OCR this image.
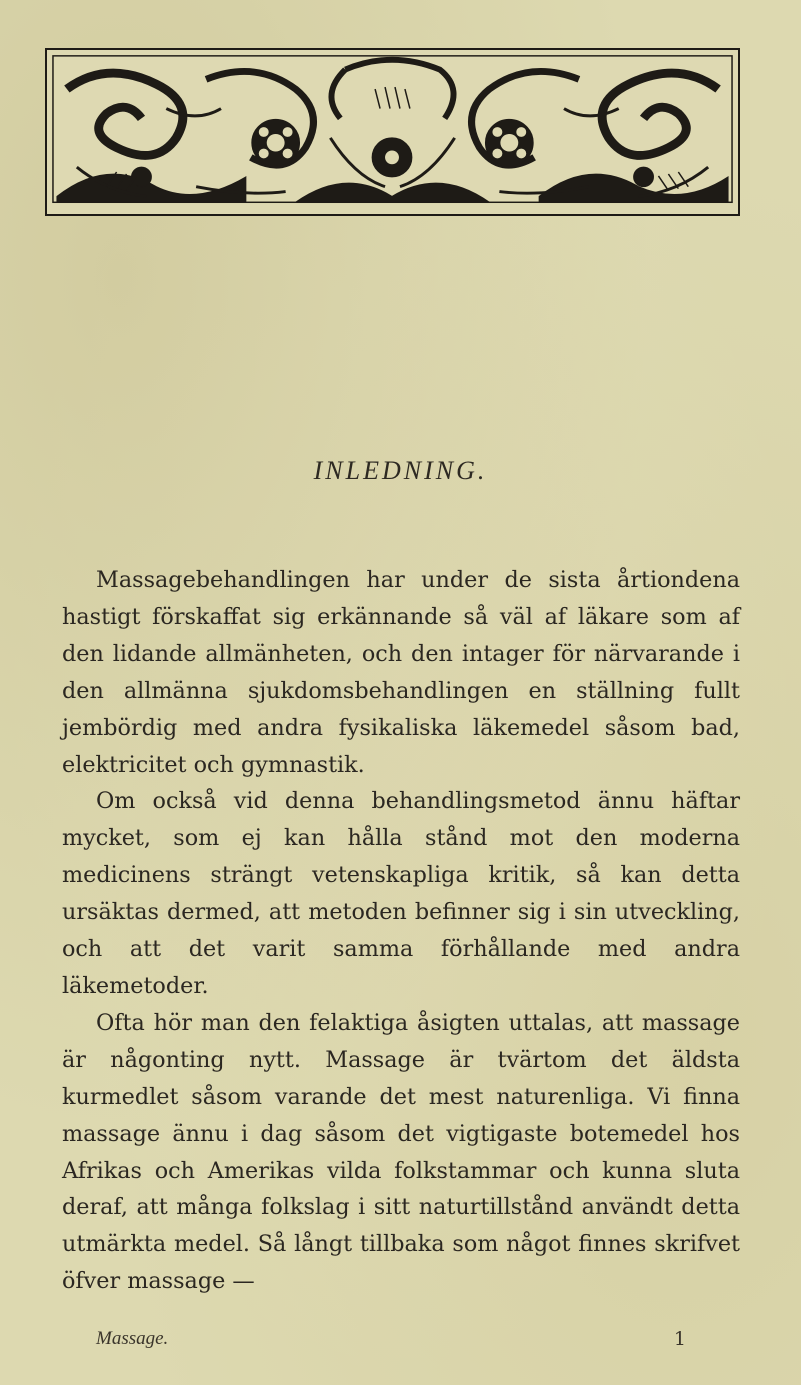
INLEDNING.

Massagebehandlingen har under de sista årtiondena hastigt förskaffat sig erkännande så väl af läkare som af den lidande allmänheten, och den intager för närvarande i den allmänna sjukdomsbehandlingen en ställning fullt jembördig med andra fysikaliska läkemedel såsom bad, elektricitet och gymnastik.

Om också vid denna behandlingsmetod ännu häftar mycket, som ej kan hålla stånd mot den moderna medicinens strängt vetenskapliga kritik, så kan detta ursäktas dermed, att metoden befinner sig i sin utveckling, och att det varit samma förhållande med andra läkemetoder.

Ofta hör man den felaktiga åsigten uttalas, att massage är någonting nytt. Massage är tvärtom det äldsta kurmedlet såsom varande det mest naturenliga. Vi finna massage ännu i dag såsom det vigtigaste botemedel hos Afrikas och Amerikas vilda folkstammar och kunna sluta deraf, att många folkslag i sitt naturtillstånd användt detta utmärkta medel. Så långt tillbaka som något finnes skrifvet öfver massage —

Massage.	1
